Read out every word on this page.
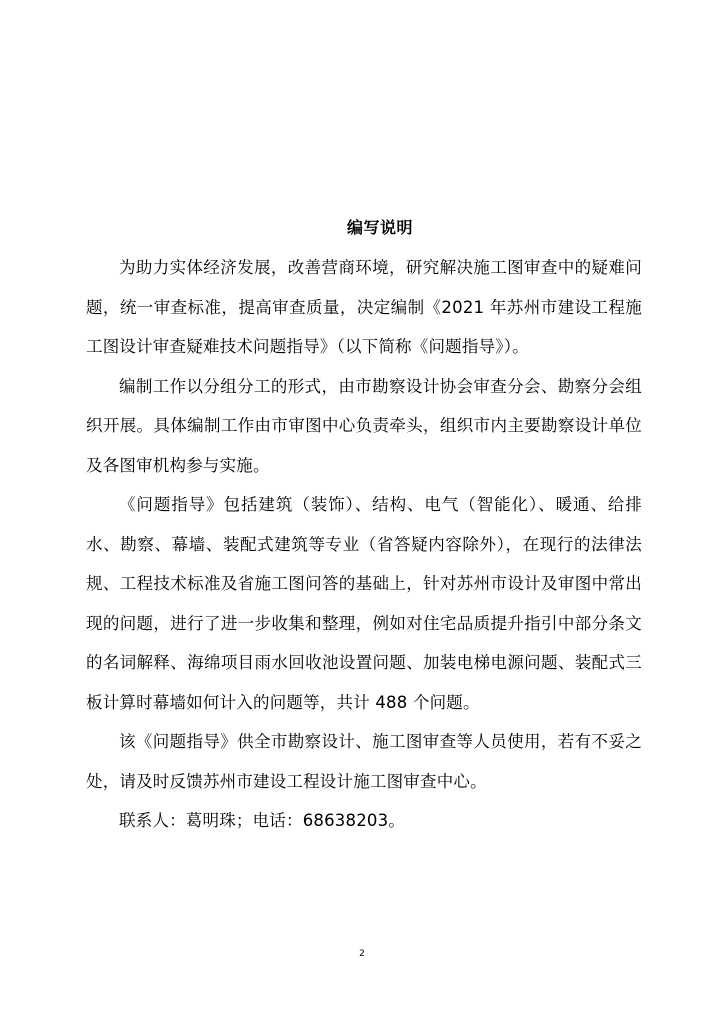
编写说明

为助力实体经济发展，改善营商环境，研究解决施工图审查中的疑难问题，统一审查标准，提高审查质量，决定编制《2021 年苏州市建设工程施工图设计审查疑难技术问题指导》（以下简称《问题指导》）。

编制工作以分组分工的形式，由市勘察设计协会审查分会、勘察分会组织开展。具体编制工作由市审图中心负责牵头，组织市内主要勘察设计单位及各图审机构参与实施。

《问题指导》包括建筑（装饰）、结构、电气（智能化）、暖通、给排水、勘察、幕墙、装配式建筑等专业（省答疑内容除外），在现行的法律法规、工程技术标准及省施工图问答的基础上，针对苏州市设计及审图中常出现的问题，进行了进一步收集和整理，例如对住宅品质提升指引中部分条文的名词解释、海绵项目雨水回收池设置问题、加装电梯电源问题、装配式三板计算时幕墙如何计入的问题等，共计 488 个问题。

该《问题指导》供全市勘察设计、施工图审查等人员使用，若有不妥之处，请及时反馈苏州市建设工程设计施工图审查中心。

联系人：葛明珠；电话：68638203。

2
